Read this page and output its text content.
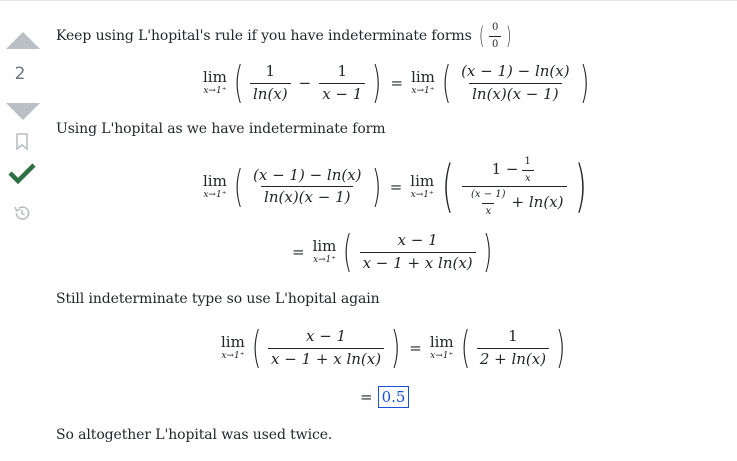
2
Keep using L'hopital's rule if you have indeterminate forms ( 0
0 )
lim
x→1⁺ ( 1
ln(x)
− $\frac{1}{x - 1}$ ) = lim
x→1⁺ ( (x − 1) − ln(x)
ln(x)(x − 1) )
Using L'hopital as we have indeterminate form
lim
x→1⁺ ( (x − 1) − ln(x)
ln(x)(x − 1) ) = lim
x→1⁺ (	$1 - \frac{1}{x}$
(x − 1)
x + ln(x) )
= lim
x→1⁺ (	x − 1
x − 1 + x ln(x) )
Still indeterminate type so use L'hopital again
lim
x→1⁺ (	x − 1
x − 1 + x ln(x) ) = lim
x→1⁺ (	1
2 + ln(x) )
= 0.5
So altogether L'hopital was used twice.
